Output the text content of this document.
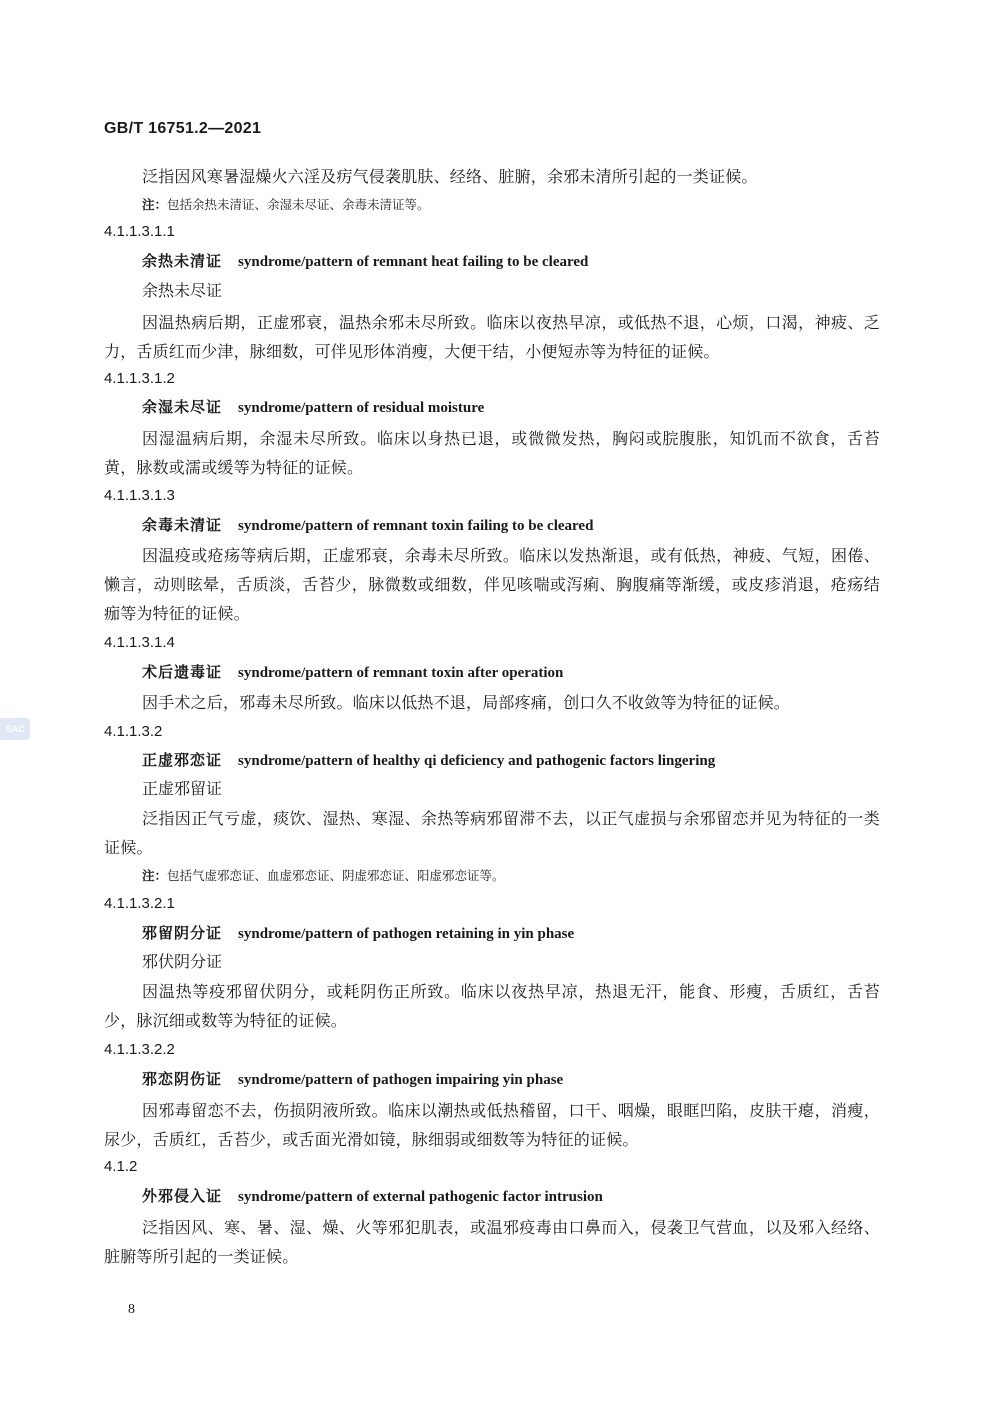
GB/T 16751.2—2021
SAC
泛指因风寒暑湿燥火六淫及疠气侵袭肌肤、经络、脏腑，余邪未清所引起的一类证候。
注：包括余热未清证、余湿未尽证、余毒未清证等。
4.1.1.3.1.1
余热未清证 syndrome/pattern of remnant heat failing to be cleared
余热未尽证
因温热病后期，正虚邪衰，温热余邪未尽所致。临床以夜热早凉，或低热不退，心烦，口渴，神疲、乏力，舌质红而少津，脉细数，可伴见形体消瘦，大便干结，小便短赤等为特征的证候。
4.1.1.3.1.2
余湿未尽证 syndrome/pattern of residual moisture
因湿温病后期，余湿未尽所致。临床以身热已退，或微微发热，胸闷或脘腹胀，知饥而不欲食，舌苔黄，脉数或濡或缓等为特征的证候。
4.1.1.3.1.3
余毒未清证 syndrome/pattern of remnant toxin failing to be cleared
因温疫或疮疡等病后期，正虚邪衰，余毒未尽所致。临床以发热渐退，或有低热，神疲、气短，困倦、懒言，动则眩晕，舌质淡，舌苔少，脉微数或细数，伴见咳喘或泻痢、胸腹痛等渐缓，或皮疹消退，疮疡结痂等为特征的证候。
4.1.1.3.1.4
术后遗毒证 syndrome/pattern of remnant toxin after operation
因手术之后，邪毒未尽所致。临床以低热不退，局部疼痛，创口久不收敛等为特征的证候。
4.1.1.3.2
正虚邪恋证 syndrome/pattern of healthy qi deficiency and pathogenic factors lingering
正虚邪留证
泛指因正气亏虚，痰饮、湿热、寒湿、余热等病邪留滞不去，以正气虚损与余邪留恋并见为特征的一类证候。
注：包括气虚邪恋证、血虚邪恋证、阴虚邪恋证、阳虚邪恋证等。
4.1.1.3.2.1
邪留阴分证 syndrome/pattern of pathogen retaining in yin phase
邪伏阴分证
因温热等疫邪留伏阴分，或耗阴伤正所致。临床以夜热早凉，热退无汗，能食、形瘦，舌质红，舌苔少，脉沉细或数等为特征的证候。
4.1.1.3.2.2
邪恋阴伤证 syndrome/pattern of pathogen impairing yin phase
因邪毒留恋不去，伤损阴液所致。临床以潮热或低热稽留，口干、咽燥，眼眶凹陷，皮肤干瘪，消瘦，尿少，舌质红，舌苔少，或舌面光滑如镜，脉细弱或细数等为特征的证候。
4.1.2
外邪侵入证 syndrome/pattern of external pathogenic factor intrusion
泛指因风、寒、暑、湿、燥、火等邪犯肌表，或温邪疫毒由口鼻而入，侵袭卫气营血，以及邪入经络、脏腑等所引起的一类证候。
8
